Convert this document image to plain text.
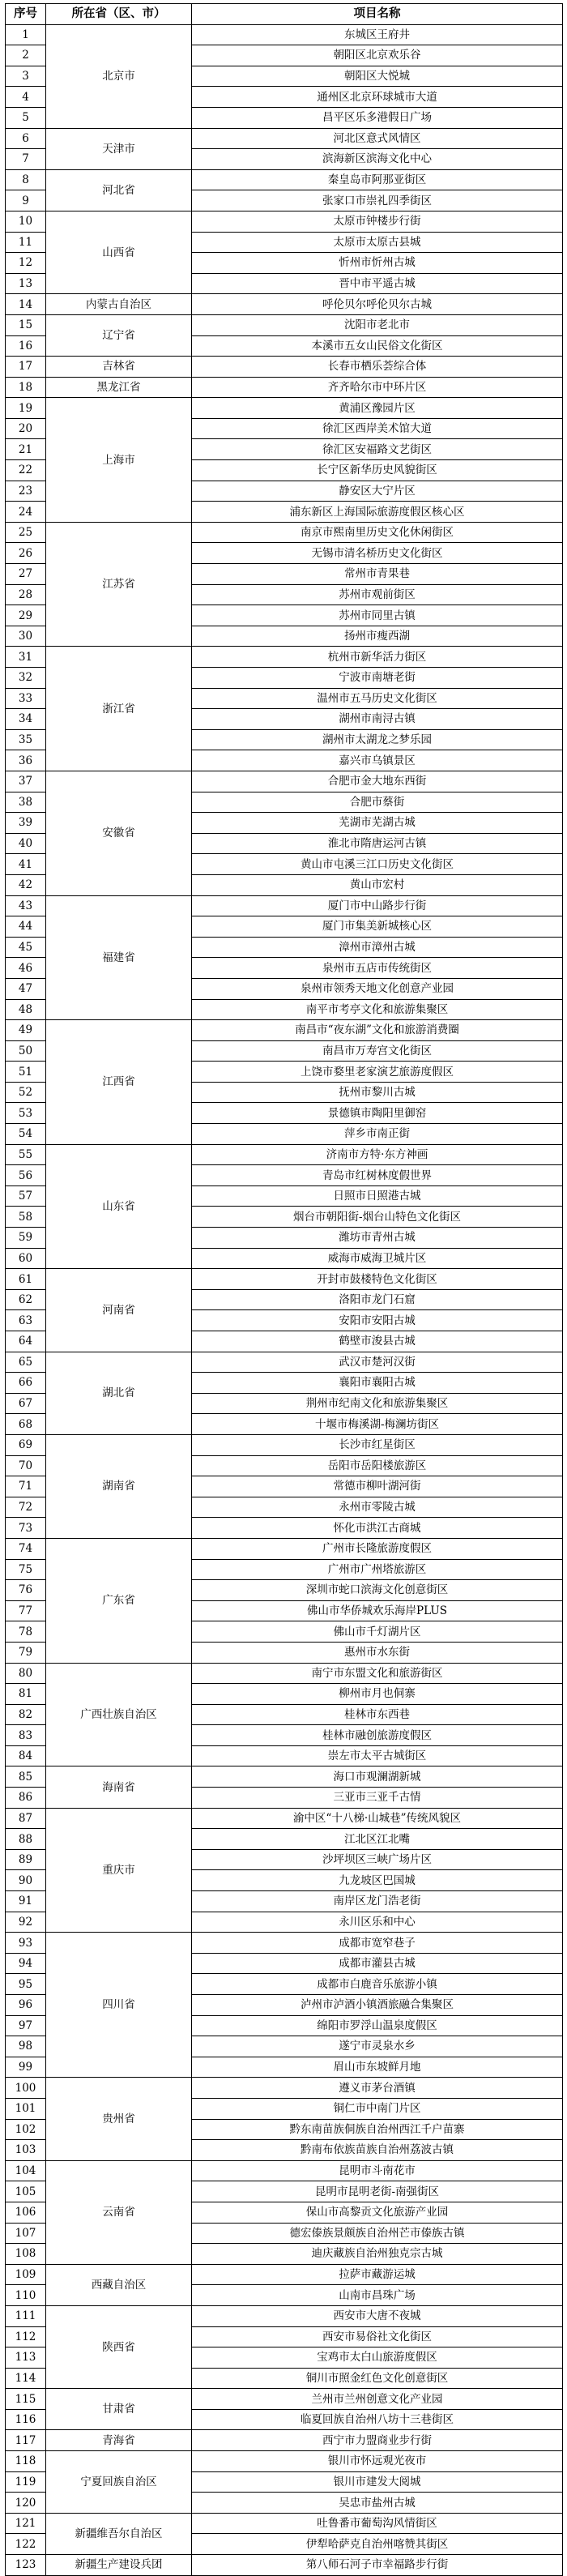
序号	所在省（区、市）	项目名称
1	北京市	东城区王府井
2		朝阳区北京欢乐谷
3		朝阳区大悦城
4		通州区北京环球城市大道
5		昌平区乐多港假日广场
6	天津市	河北区意式风情区
7		滨海新区滨海文化中心
8	河北省	秦皇岛市阿那亚街区
9		张家口市崇礼四季街区
10	山西省	太原市钟楼步行街
11		太原市太原古县城
12		忻州市忻州古城
13		晋中市平遥古城
14	内蒙古自治区	呼伦贝尔呼伦贝尔古城
15	辽宁省	沈阳市老北市
16		本溪市五女山民俗文化街区
17	吉林省	长春市栖乐荟综合体
18	黑龙江省	齐齐哈尔市中环片区
19	上海市	黄浦区豫园片区
20		徐汇区西岸美术馆大道
21		徐汇区安福路文艺街区
22		长宁区新华历史风貌街区
23		静安区大宁片区
24		浦东新区上海国际旅游度假区核心区
25	江苏省	南京市熙南里历史文化休闲街区
26		无锡市清名桥历史文化街区
27		常州市青果巷
28		苏州市观前街区
29		苏州市同里古镇
30		扬州市瘦西湖
31	浙江省	杭州市新华活力街区
32		宁波市南塘老街
33		温州市五马历史文化街区
34		湖州市南浔古镇
35		湖州市太湖龙之梦乐园
36		嘉兴市乌镇景区
37	安徽省	合肥市金大地东西街
38		合肥市蔡街
39		芜湖市芜湖古城
40		淮北市隋唐运河古镇
41		黄山市屯溪三江口历史文化街区
42		黄山市宏村
43	福建省	厦门市中山路步行街
44		厦门市集美新城核心区
45		漳州市漳州古城
46		泉州市五店市传统街区
47		泉州市领秀天地文化创意产业园
48		南平市考亭文化和旅游集聚区
49	江西省	南昌市“夜东湖”文化和旅游消费圈
50		南昌市万寿宫文化街区
51		上饶市婺里老家演艺旅游度假区
52		抚州市黎川古城
53		景德镇市陶阳里御窑
54		萍乡市南正街
55	山东省	济南市方特·东方神画
56		青岛市红树林度假世界
57		日照市日照港古城
58		烟台市朝阳街-烟台山特色文化街区
59		潍坊市青州古城
60		威海市威海卫城片区
61	河南省	开封市鼓楼特色文化街区
62		洛阳市龙门石窟
63		安阳市安阳古城
64		鹤壁市浚县古城
65	湖北省	武汉市楚河汉街
66		襄阳市襄阳古城
67		荆州市纪南文化和旅游集聚区
68		十堰市梅溪湖-梅澜坊街区
69	湖南省	长沙市红星街区
70		岳阳市岳阳楼旅游区
71		常德市柳叶湖河街
72		永州市零陵古城
73		怀化市洪江古商城
74	广东省	广州市长隆旅游度假区
75		广州市广州塔旅游区
76		深圳市蛇口滨海文化创意街区
77		佛山市华侨城欢乐海岸PLUS
78		佛山市千灯湖片区
79		惠州市水东街
80	广西壮族自治区	南宁市东盟文化和旅游街区
81		柳州市月也侗寨
82		桂林市东西巷
83		桂林市融创旅游度假区
84		崇左市太平古城街区
85	海南省	海口市观澜湖新城
86		三亚市三亚千古情
87	重庆市	渝中区“十八梯·山城巷”传统风貌区
88		江北区江北嘴
89		沙坪坝区三峡广场片区
90		九龙坡区巴国城
91		南岸区龙门浩老街
92		永川区乐和中心
93	四川省	成都市宽窄巷子
94		成都市灌县古城
95		成都市白鹿音乐旅游小镇
96		泸州市泸酒小镇酒旅融合集聚区
97		绵阳市罗浮山温泉度假区
98		遂宁市灵泉水乡
99		眉山市东坡鲜月地
100	贵州省	遵义市茅台酒镇
101		铜仁市中南门片区
102		黔东南苗族侗族自治州西江千户苗寨
103		黔南布依族苗族自治州荔波古镇
104	云南省	昆明市斗南花市
105		昆明市昆明老街-南强街区
106		保山市高黎贡文化旅游产业园
107		德宏傣族景颇族自治州芒市傣族古镇
108		迪庆藏族自治州独克宗古城
109	西藏自治区	拉萨市藏游运城
110		山南市昌珠广场
111	陕西省	西安市大唐不夜城
112		西安市易俗社文化街区
113		宝鸡市太白山旅游度假区
114		铜川市照金红色文化创意街区
115	甘肃省	兰州市兰州创意文化产业园
116		临夏回族自治州八坊十三巷街区
117	青海省	西宁市力盟商业步行街
118	宁夏回族自治区	银川市怀远观光夜市
119		银川市建发大阅城
120		吴忠市盐州古城
121	新疆维吾尔自治区	吐鲁番市葡萄沟风情街区
122		伊犁哈萨克自治州喀赞其街区
123	新疆生产建设兵团	第八师石河子市幸福路步行街
